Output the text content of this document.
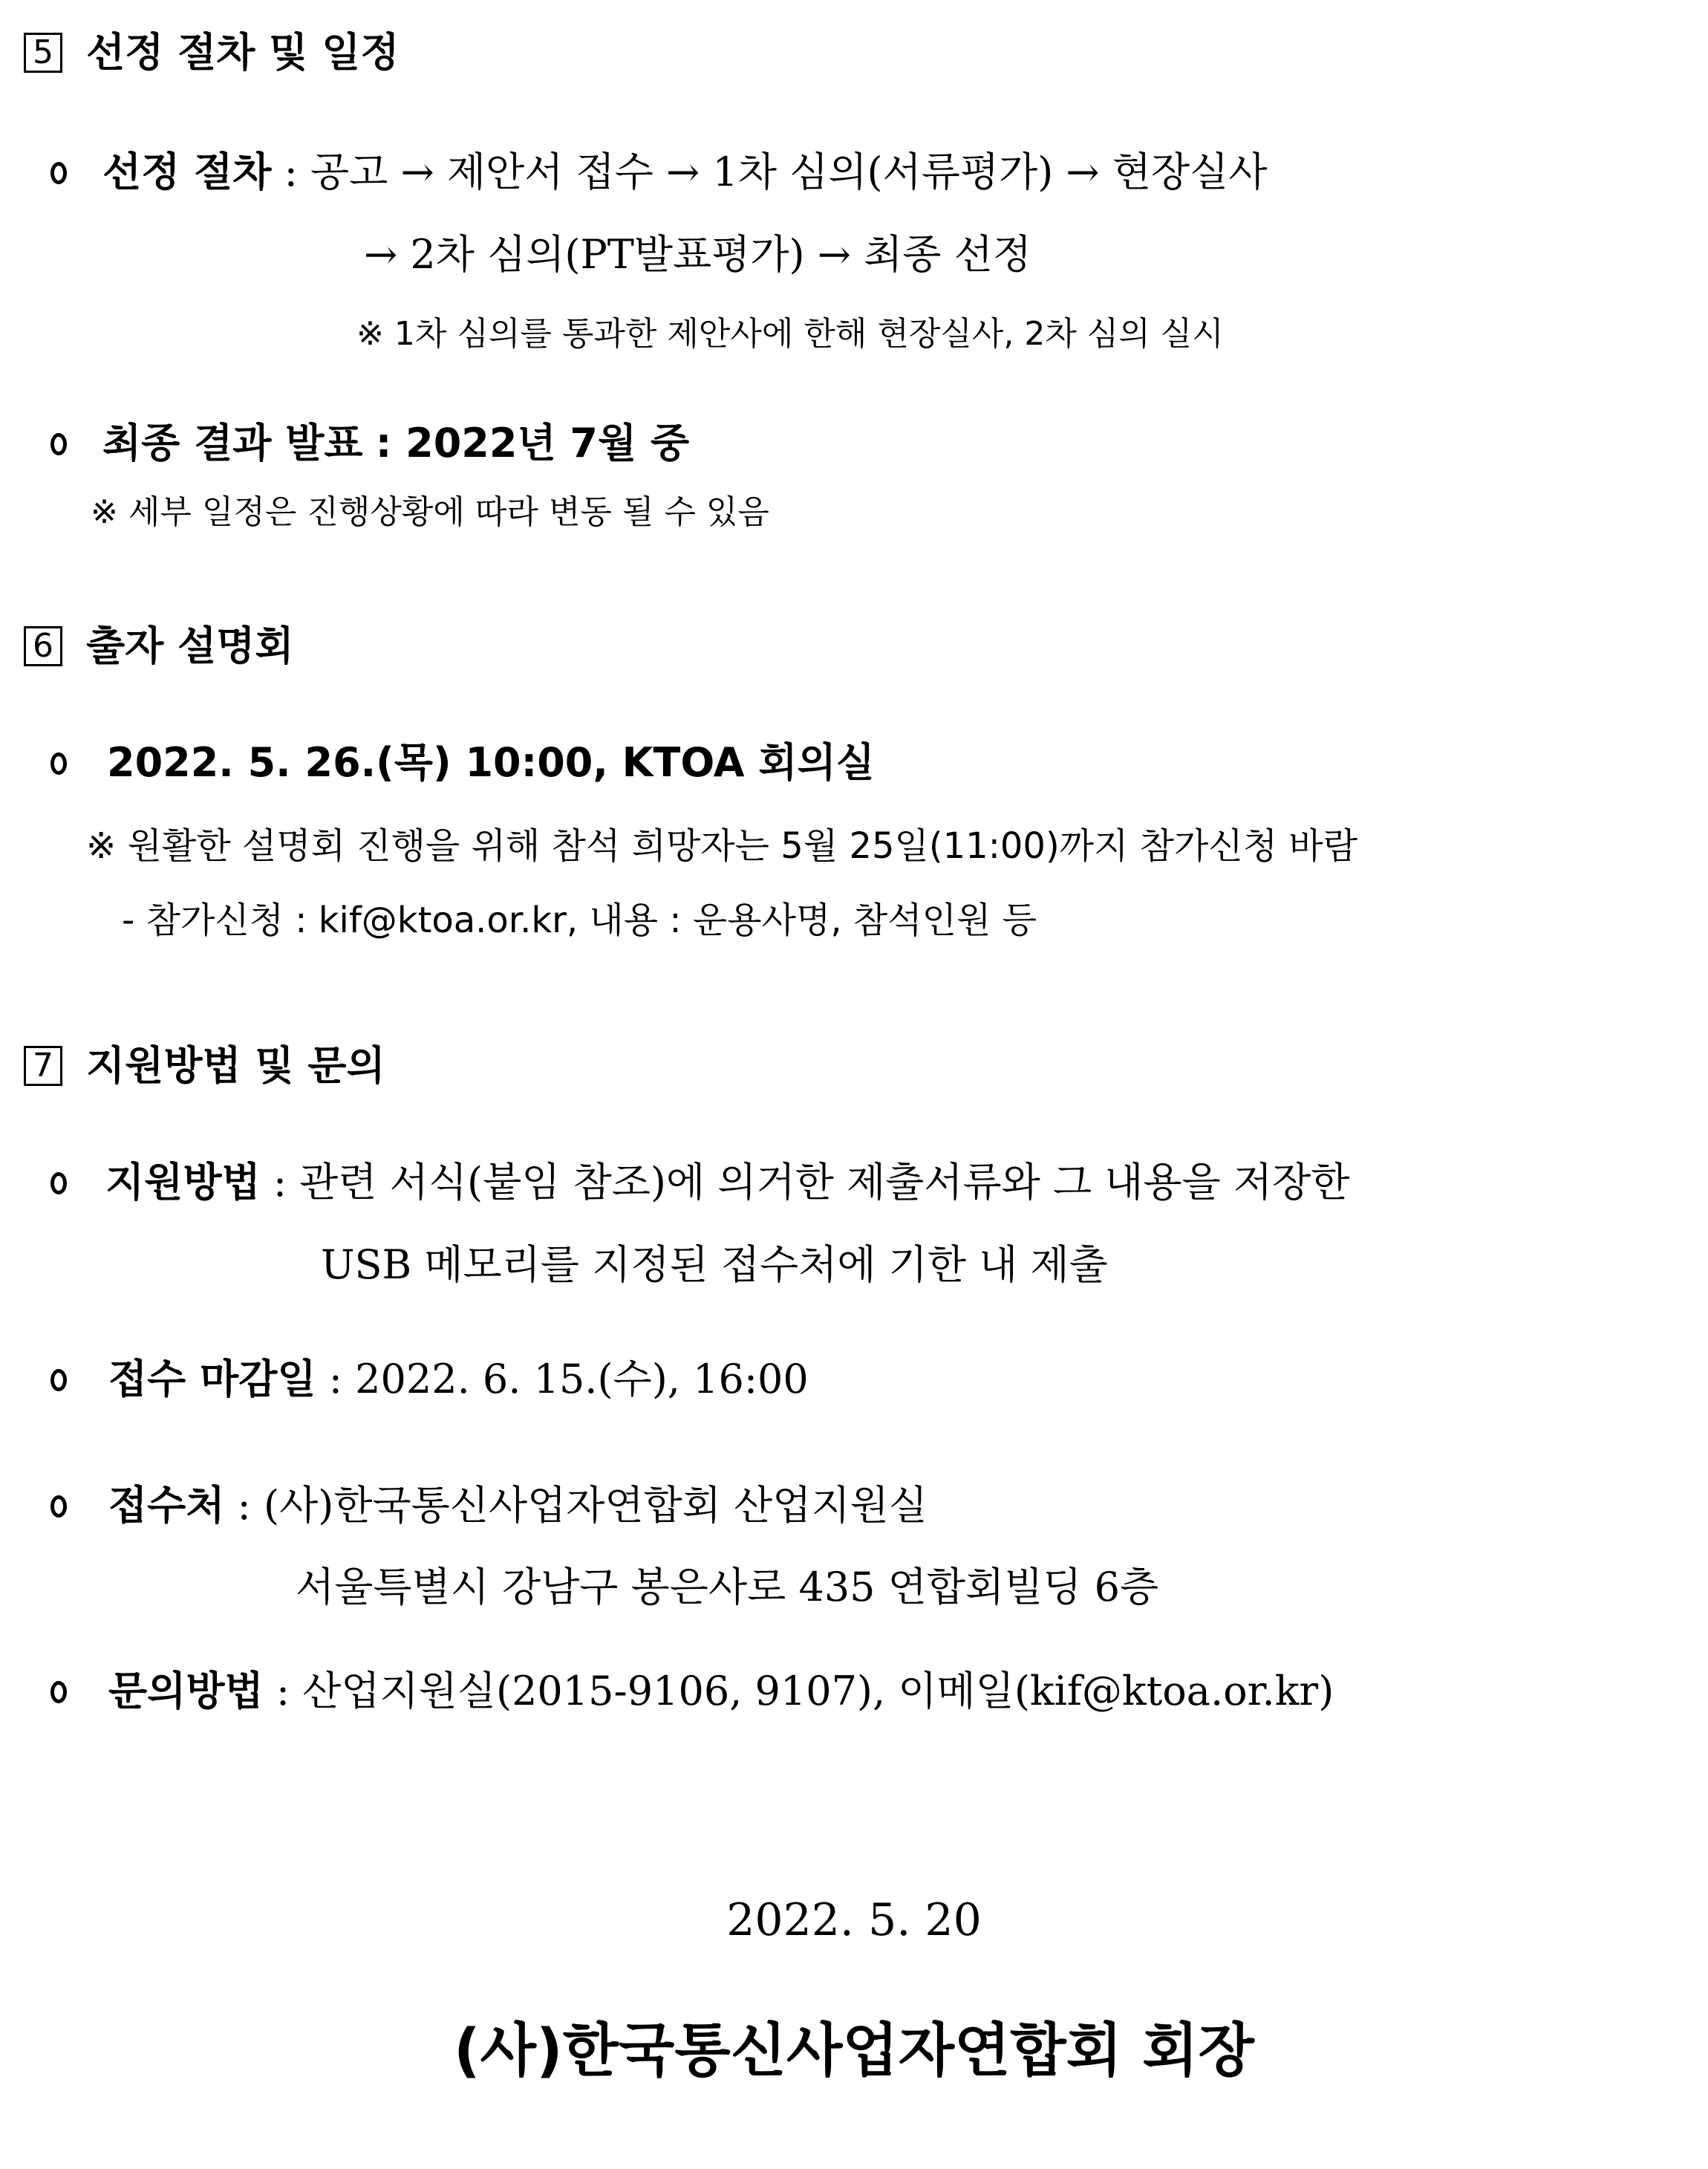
5 선정 절차 및 일정
선정 절차 : 공고 → 제안서 접수 → 1차 심의(서류평가) → 현장실사
→ 2차 심의(PT발표평가) → 최종 선정
※ 1차 심의를 통과한 제안사에 한해 현장실사, 2차 심의 실시
최종 결과 발표 : 2022년 7월 중
※ 세부 일정은 진행상황에 따라 변동 될 수 있음
6 출자 설명회
2022. 5. 26.(목) 10:00, KTOA 회의실
※ 원활한 설명회 진행을 위해 참석 희망자는 5월 25일(11:00)까지 참가신청 바람
- 참가신청 : kif@ktoa.or.kr, 내용 : 운용사명, 참석인원 등
7 지원방법 및 문의
지원방법 : 관련 서식(붙임 참조)에 의거한 제출서류와 그 내용을 저장한
USB 메모리를 지정된 접수처에 기한 내 제출
접수 마감일 : 2022. 6. 15.(수), 16:00
접수처 : (사)한국통신사업자연합회 산업지원실
서울특별시 강남구 봉은사로 435 연합회빌딩 6층
문의방법 : 산업지원실(2015-9106, 9107), 이메일(kif@ktoa.or.kr)
2022. 5. 20
(사)한국통신사업자연합회 회장
